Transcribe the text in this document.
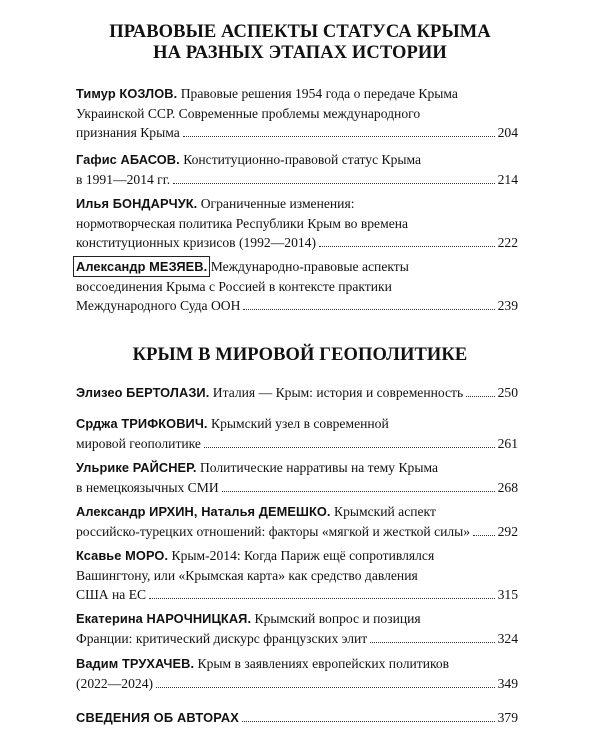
ПРАВОВЫЕ АСПЕКТЫ СТАТУСА КРЫМА
НА РАЗНЫХ ЭТАПАХ ИСТОРИИ
Тимур КОЗЛОВ. Правовые решения 1954 года о передаче Крыма
Украинской ССР. Современные проблемы международного
признания Крыма	204
Гафис АБАСОВ. Конституционно-правовой статус Крыма
в 1991—2014 гг.	214
Илья БОНДАРЧУК. Ограниченные изменения:
нормотворческая политика Республики Крым во времена
конституционных кризисов (1992—2014)	222
Александр МЕЗЯЕВ. Международно-правовые аспекты
воссоединения Крыма с Россией в контексте практики
Международного Суда ООН	239
КРЫМ В МИРОВОЙ ГЕОПОЛИТИКЕ
Элизео БЕРТОЛАЗИ. Италия — Крым: история и современность	250
Срджа ТРИФКОВИЧ. Крымский узел в современной
мировой геополитике	261
Ульрике РАЙСНЕР. Политические нарративы на тему Крыма
в немецкоязычных СМИ	268
Александр ИРХИН, Наталья ДЕМЕШКО. Крымский аспект
российско-турецких отношений: факторы «мягкой и жесткой силы» 292
Ксавье МОРО. Крым-2014: Когда Париж ещё сопротивлялся
Вашингтону, или «Крымская карта» как средство давления
США на ЕС	315
Екатерина НАРОЧНИЦКАЯ. Крымский вопрос и позиция
Франции: критический дискурс французских элит	324
Вадим ТРУХАЧЕВ. Крым в заявлениях европейских политиков
(2022—2024)	349
СВЕДЕНИЯ ОБ АВТОРАХ	379
